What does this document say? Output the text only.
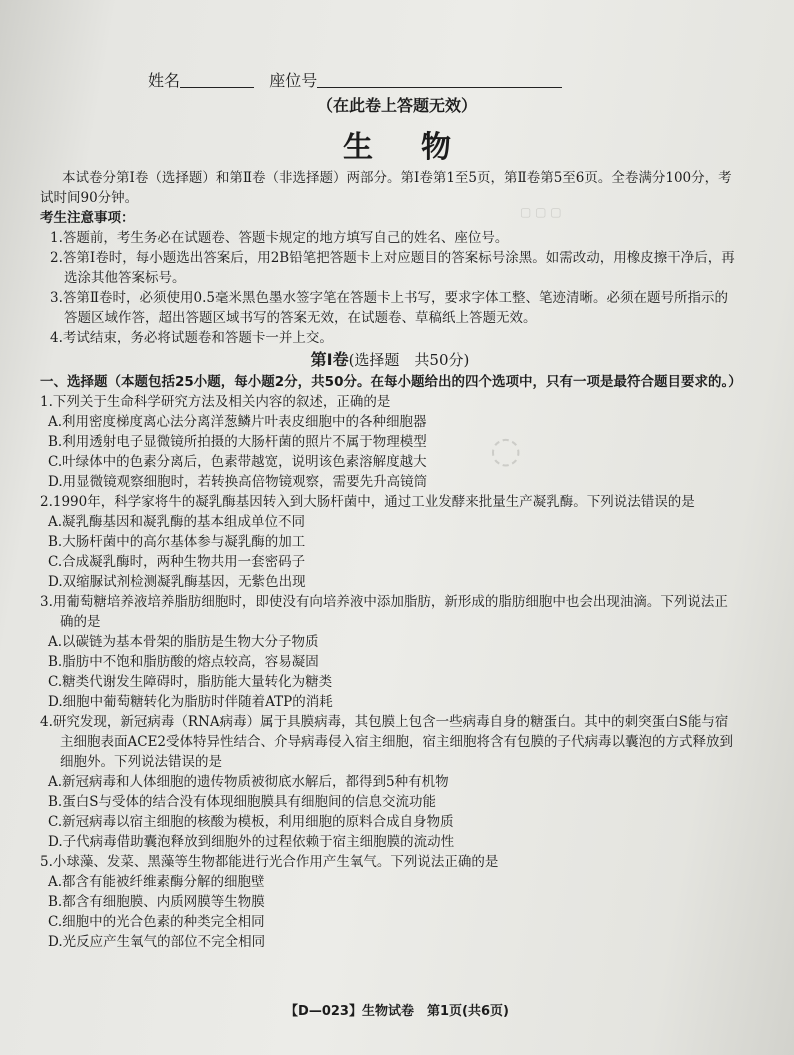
▢ ▢ ▢
◌
姓名	座位号
（在此卷上答题无效）
生物

本试卷分第Ⅰ卷（选择题）和第Ⅱ卷（非选择题）两部分。第Ⅰ卷第1至5页，第Ⅱ卷第5至6页。全卷满分100分，考试时间90分钟。

考生注意事项：

1.答题前，考生务必在试题卷、答题卡规定的地方填写自己的姓名、座位号。

2.答第Ⅰ卷时，每小题选出答案后，用2B铅笔把答题卡上对应题目的答案标号涂黑。如需改动，用橡皮擦干净后，再选涂其他答案标号。

3.答第Ⅱ卷时，必须使用0.5毫米黑色墨水签字笔在答题卡上书写，要求字体工整、笔迹清晰。必须在题号所指示的答题区域作答，超出答题区域书写的答案无效，在试题卷、草稿纸上答题无效。

4.考试结束，务必将试题卷和答题卡一并上交。

第Ⅰ卷(选择题　共50分)

一、选择题（本题包括25小题，每小题2分，共50分。在每小题给出的四个选项中，只有一项是最符合题目要求的。）

1.下列关于生命科学研究方法及相关内容的叙述，正确的是

A.利用密度梯度离心法分离洋葱鳞片叶表皮细胞中的各种细胞器

B.利用透射电子显微镜所拍摄的大肠杆菌的照片不属于物理模型

C.叶绿体中的色素分离后，色素带越宽，说明该色素溶解度越大

D.用显微镜观察细胞时，若转换高倍物镜观察，需要先升高镜筒

2.1990年，科学家将牛的凝乳酶基因转入到大肠杆菌中，通过工业发酵来批量生产凝乳酶。下列说法错误的是

A.凝乳酶基因和凝乳酶的基本组成单位不同

B.大肠杆菌中的高尔基体参与凝乳酶的加工

C.合成凝乳酶时，两种生物共用一套密码子

D.双缩脲试剂检测凝乳酶基因，无紫色出现

3.用葡萄糖培养液培养脂肪细胞时，即使没有向培养液中添加脂肪，新形成的脂肪细胞中也会出现油滴。下列说法正确的是

A.以碳链为基本骨架的脂肪是生物大分子物质

B.脂肪中不饱和脂肪酸的熔点较高，容易凝固

C.糖类代谢发生障碍时，脂肪能大量转化为糖类

D.细胞中葡萄糖转化为脂肪时伴随着ATP的消耗

4.研究发现，新冠病毒（RNA病毒）属于具膜病毒，其包膜上包含一些病毒自身的糖蛋白。其中的刺突蛋白S能与宿主细胞表面ACE2受体特异性结合、介导病毒侵入宿主细胞，宿主细胞将含有包膜的子代病毒以囊泡的方式释放到细胞外。下列说法错误的是

A.新冠病毒和人体细胞的遗传物质被彻底水解后，都得到5种有机物

B.蛋白S与受体的结合没有体现细胞膜具有细胞间的信息交流功能

C.新冠病毒以宿主细胞的核酸为模板，利用细胞的原料合成自身物质

D.子代病毒借助囊泡释放到细胞外的过程依赖于宿主细胞膜的流动性

5.小球藻、发菜、黑藻等生物都能进行光合作用产生氧气。下列说法正确的是

A.都含有能被纤维素酶分解的细胞壁

B.都含有细胞膜、内质网膜等生物膜

C.细胞中的光合色素的种类完全相同

D.光反应产生氧气的部位不完全相同

【D—023】生物试卷　第1页(共6页)
